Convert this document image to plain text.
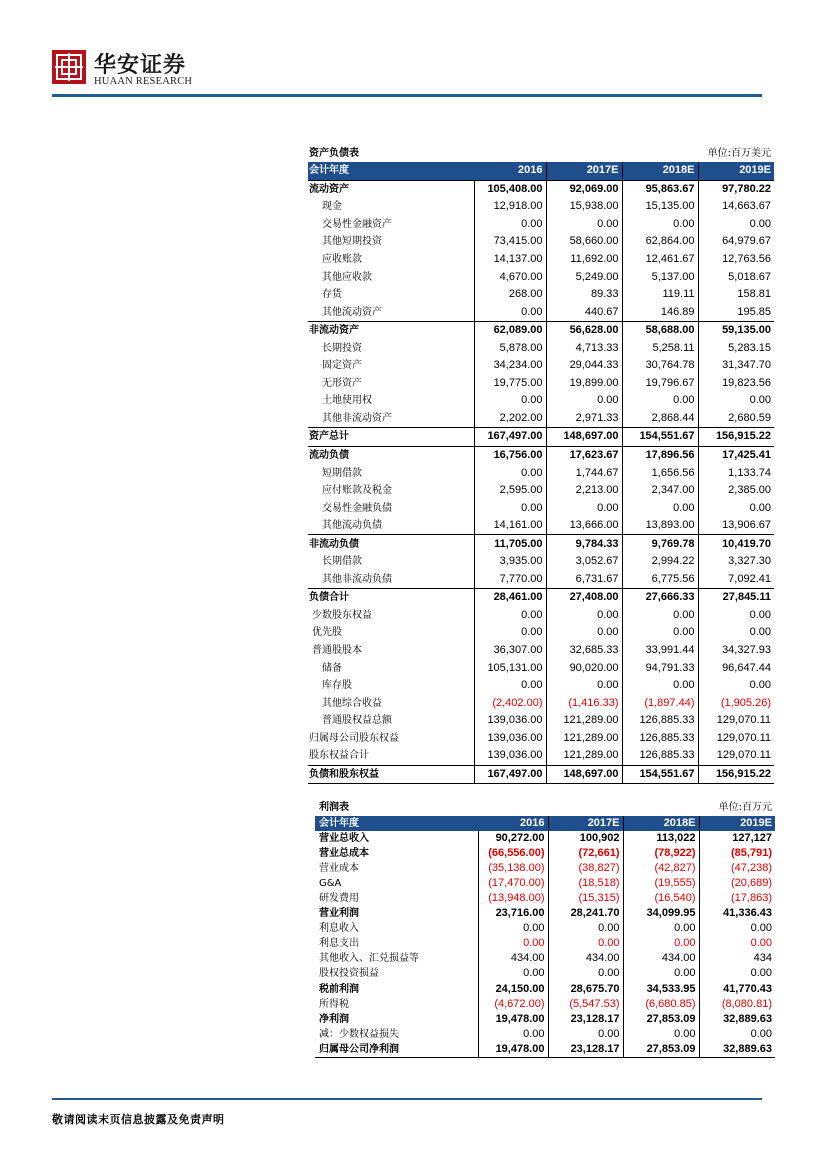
华安证券
HUAAN RESEARCH
资产负债表	单位:百万美元			
会计年度	2016	2017E	2018E	2019E
流动资产	105,408.00	92,069.00	95,863.67	97,780.22
现金	12,918.00	15,938.00	15,135.00	14,663.67
交易性金融资产	0.00	0.00	0.00	0.00
其他短期投资	73,415.00	58,660.00	62,864.00	64,979.67
应收账款	14,137.00	11,692.00	12,461.67	12,763.56
其他应收款	4,670.00	5,249.00	5,137.00	5,018.67
存货	268.00	89.33	119.11	158.81
其他流动资产	0.00	440.67	146.89	195.85
非流动资产	62,089.00	56,628.00	58,688.00	59,135.00
长期投资	5,878.00	4,713.33	5,258.11	5,283.15
固定资产	34,234.00	29,044.33	30,764.78	31,347.70
无形资产	19,775.00	19,899.00	19,796.67	19,823.56
土地使用权	0.00	0.00	0.00	0.00
其他非流动资产	2,202.00	2,971.33	2,868.44	2,680.59
资产总计	167,497.00	148,697.00	154,551.67	156,915.22
流动负债	16,756.00	17,623.67	17,896.56	17,425.41
短期借款	0.00	1,744.67	1,656.56	1,133.74
应付账款及税金	2,595.00	2,213.00	2,347.00	2,385.00
交易性金融负债	0.00	0.00	0.00	0.00
其他流动负债	14,161.00	13,666.00	13,893.00	13,906.67
非流动负债	11,705.00	9,784.33	9,769.78	10,419.70
长期借款	3,935.00	3,052.67	2,994.22	3,327.30
其他非流动负债	7,770.00	6,731.67	6,775.56	7,092.41
负债合计	28,461.00	27,408.00	27,666.33	27,845.11
少数股东权益	0.00	0.00	0.00	0.00
优先股	0.00	0.00	0.00	0.00
普通股股本	36,307.00	32,685.33	33,991.44	34,327.93
储备	105,131.00	90,020.00	94,791.33	96,647.44
库存股	0.00	0.00	0.00	0.00
其他综合收益	(2,402.00)	(1,416.33)	(1,897.44)	(1,905.26)
普通股权益总额	139,036.00	121,289.00	126,885.33	129,070.11
归属母公司股东权益	139,036.00	121,289.00	126,885.33	129,070.11
股东权益合计	139,036.00	121,289.00	126,885.33	129,070.11
负债和股东权益	167,497.00	148,697.00	154,551.67	156,915.22
利润表	单位:百万元			
会计年度	2016	2017E	2018E	2019E
营业总收入	90,272.00	100,902	113,022	127,127
营业总成本	(66,556.00)	(72,661)	(78,922)	(85,791)
营业成本	(35,138.00)	(38,827)	(42,827)	(47,238)
G&A	(17,470.00)	(18,518)	(19,555)	(20,689)
研发费用	(13,948.00)	(15,315)	(16,540)	(17,863)
营业利润	23,716.00	28,241.70	34,099.95	41,336.43
利息收入	0.00	0.00	0.00	0.00
利息支出	0.00	0.00	0.00	0.00
其他收入、汇兑损益等	434.00	434.00	434.00	434
股权投资损益	0.00	0.00	0.00	0.00
税前利润	24,150.00	28,675.70	34,533.95	41,770.43
所得税	(4,672.00)	(5,547.53)	(6,680.85)	(8,080.81)
净利润	19,478.00	23,128.17	27,853.09	32,889.63
减：少数权益损失	0.00	0.00	0.00	0.00
归属母公司净利润	19,478.00	23,128.17	27,853.09	32,889.63
敬请阅读末页信息披露及免责声明
